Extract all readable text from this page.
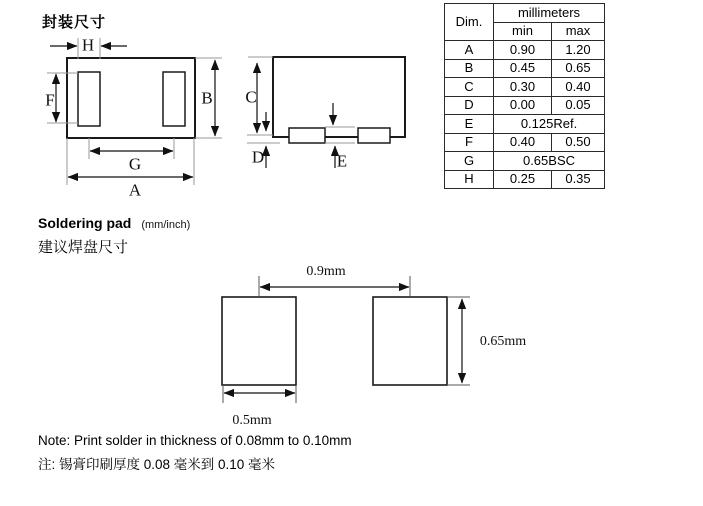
封装尺寸
H
F	B
G
A
C
D	E
Dim.	millimeters	
	min	max
A	0.90	1.20
B	0.45	0.65
C	0.30	0.40
D	0.00	0.05
E	0.125Ref.	
F	0.40	0.50
G	0.65BSC	
H	0.25	0.35
Soldering pad (mm/inch)
建议焊盘尺寸
0.9mm
0.65mm
0.5mm
Note: Print solder in thickness of 0.08mm to 0.10mm
注: 锡膏印刷厚度 0.08 毫米到 0.10 毫米
